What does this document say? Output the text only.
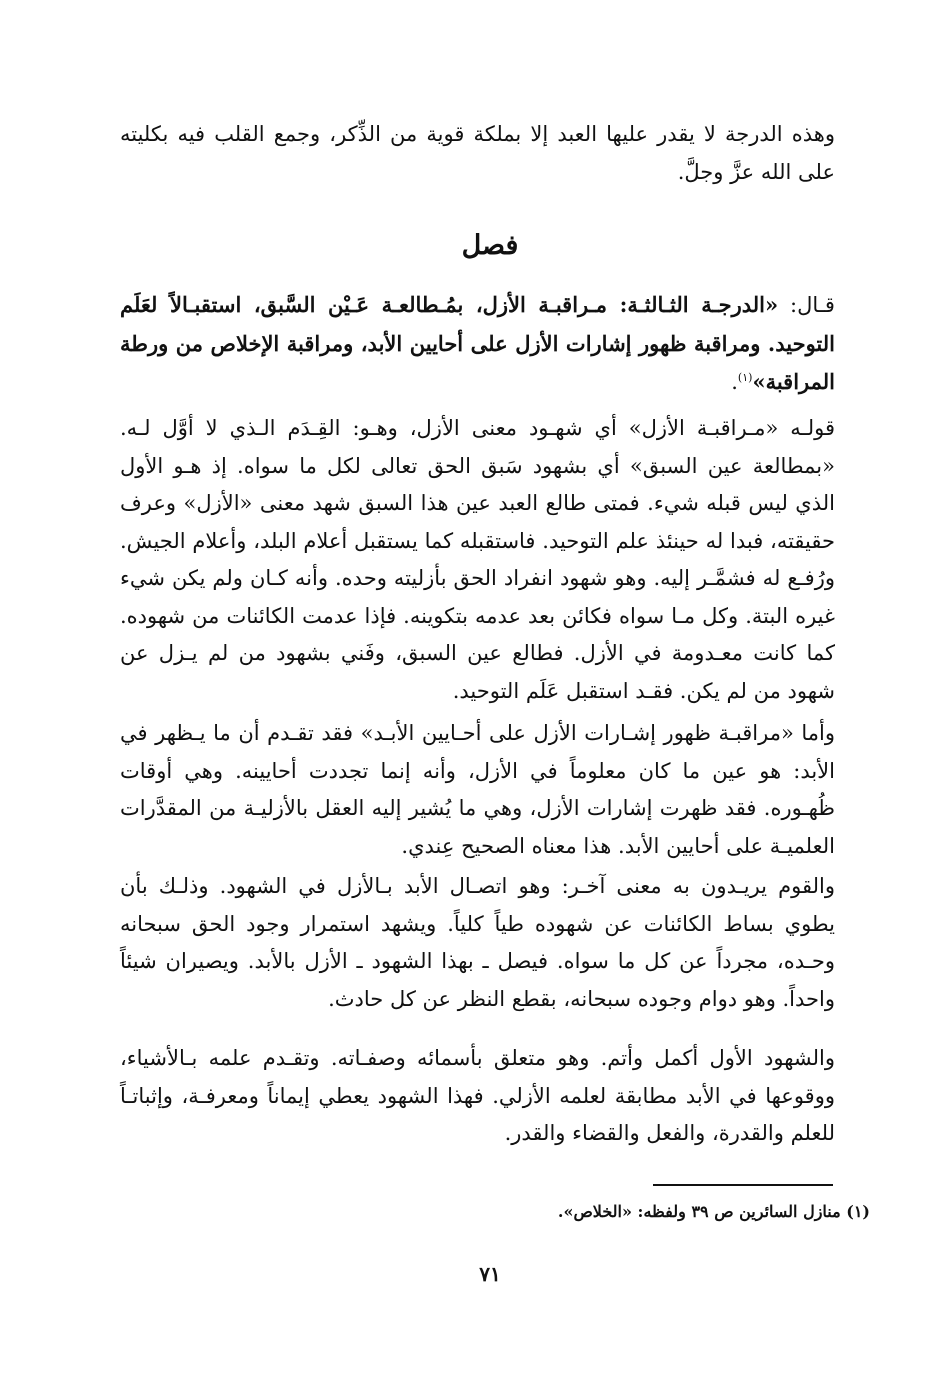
وهذه الدرجة لا يقدر عليها العبد إلا بملكة قوية من الذِّكر، وجمع القلب فيه بكليته على الله عزَّ وجلَّ.

فصل

قـال: «الدرجـة الثـالثـة: مـراقبـة الأزل، بمُـطالعـة عَـيْن السَّبق، استقبـالاً لعَلَم التوحيد. ومراقبة ظهور إشارات الأزل على أحايين الأبد، ومراقبة الإخلاص من ورطة المراقبة»$^{(١)}$.

قولـه «مـراقبـة الأزل» أي شهـود معنى الأزل، وهـو: القِـدَم الـذي لا أوَّل لـه. «بمطالعة عين السبق» أي بشهود سَبق الحق تعالى لكل ما سواه. إذ هـو الأول الذي ليس قبله شيء. فمتى طالع العبد عين هذا السبق شهد معنى «الأزل» وعرف حقيقته، فبدا له حينئذ علم التوحيد. فاستقبله كما يستقبل أعلام البلد، وأعلام الجيش. ورُفـع له فشمَّـر إليه. وهو شهود انفراد الحق بأزليته وحده. وأنه كـان ولم يكن شيء غيره البتة. وكل مـا سواه فكائن بعد عدمه بتكوينه. فإذا عدمت الكائنات من شهوده. كما كانت معـدومة في الأزل. فطالع عين السبق، وفَني بشهود من لم يـزل عن شهود من لم يكن. فقـد استقبل عَلَم التوحيد.

وأما «مراقبـة ظهور إشـارات الأزل على أحـايين الأبـد» فقد تقـدم أن ما يـظهر في الأبد: هو عين ما كان معلوماً في الأزل، وأنه إنما تجددت أحايينه. وهي أوقات ظُهـوره. فقد ظهرت إشارات الأزل، وهي ما يُشير إليه العقل بالأزليـة من المقدَّرات العلميـة على أحايين الأبد. هذا معناه الصحيح عِندي.

والقوم يريـدون به معنى آخـر: وهو اتصـال الأبد بـالأزل في الشهود. وذلـك بأن يطوي بساط الكائنات عن شهوده طياً كلياً. ويشهد استمرار وجود الحق سبحانه وحـده، مجرداً عن كل ما سواه. فيصل ـ بهذا الشهود ـ الأزل بالأبد. ويصيران شيئاً واحداً. وهو دوام وجوده سبحانه، بقطع النظر عن كل حادث.

والشهود الأول أكمل وأتم. وهو متعلق بأسمائه وصفـاته. وتقـدم علمه بـالأشياء، ووقوعها في الأبد مطابقة لعلمه الأزلي. فهذا الشهود يعطي إيماناً ومعرفـة، وإثباتـاً للعلم والقدرة، والفعل والقضاء والقدر.

(١) منازل السائرين ص ٣٩ ولفظه: «الخلاص».
٧١
